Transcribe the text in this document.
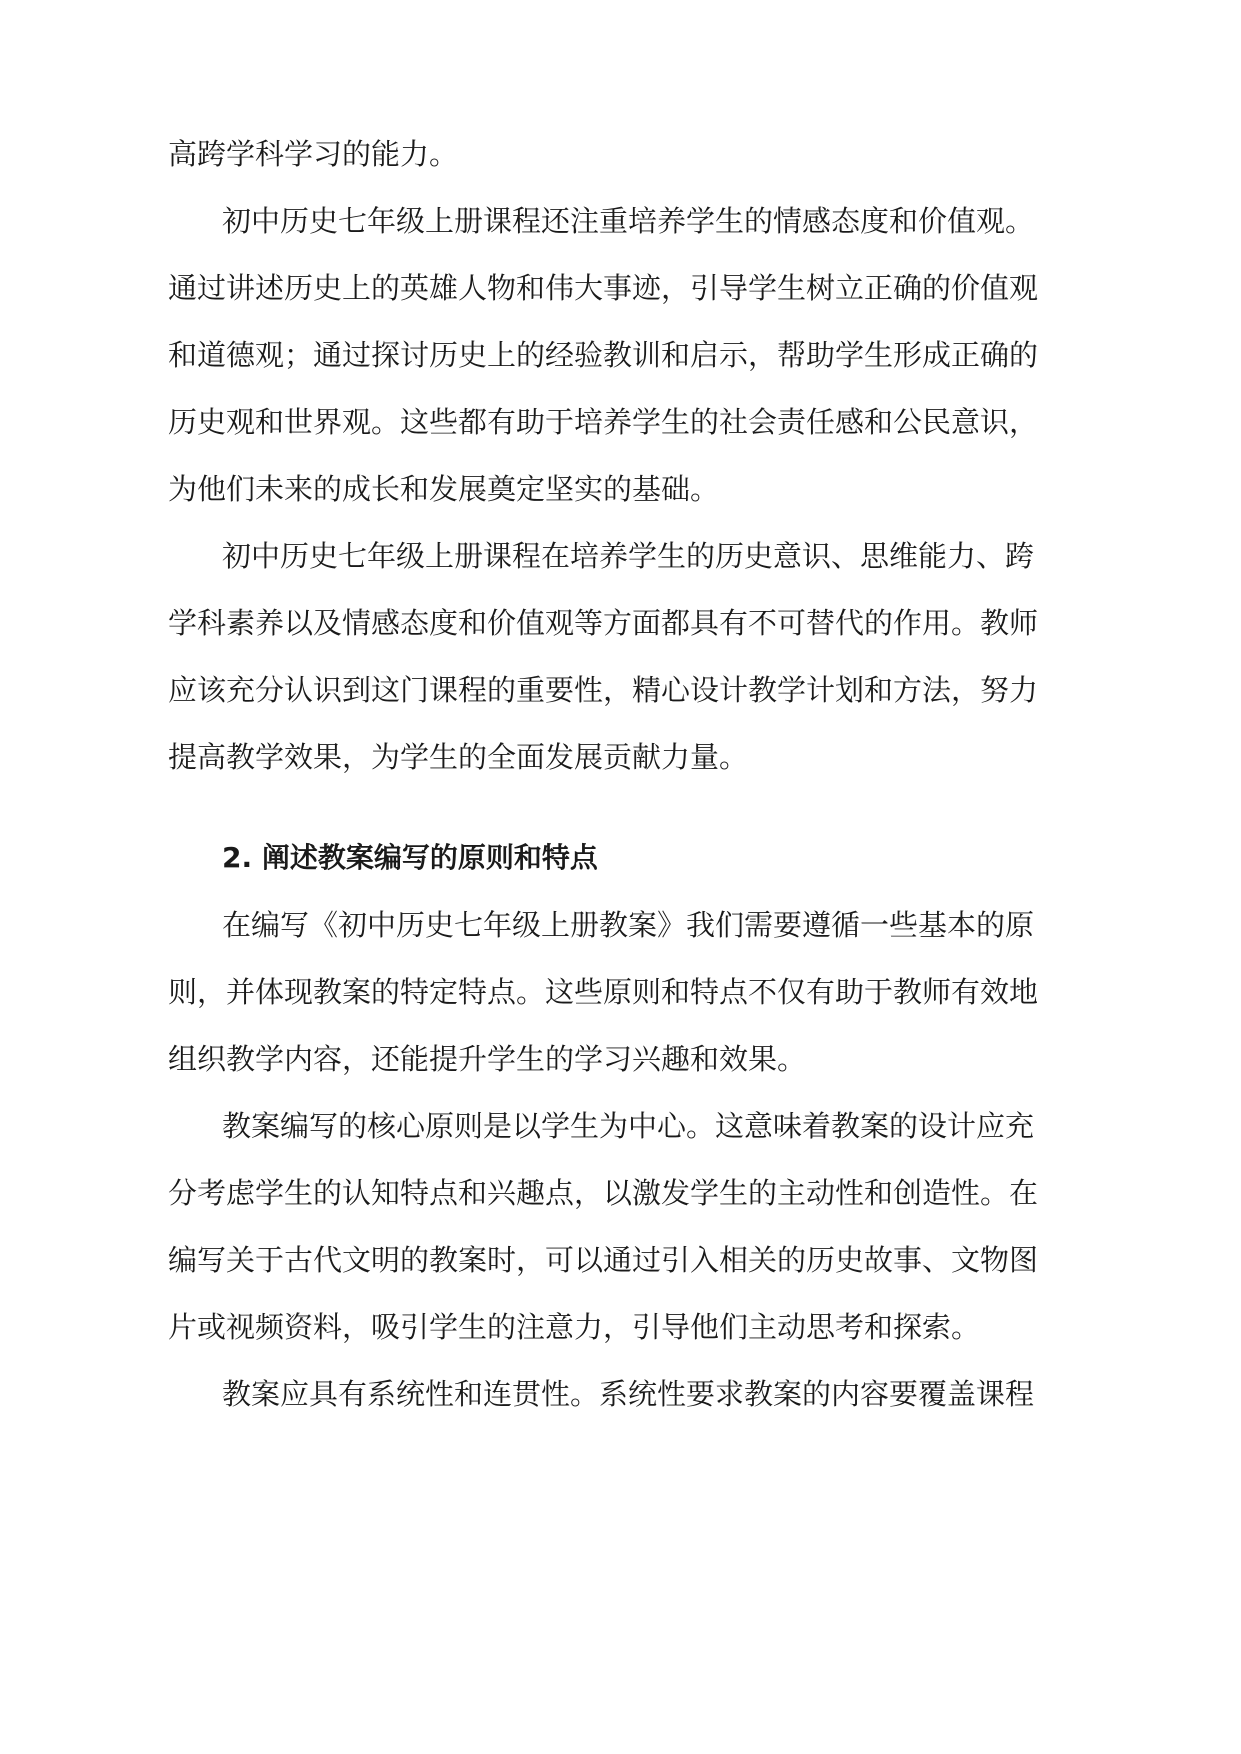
高跨学科学习的能力。
初中历史七年级上册课程还注重培养学生的情感态度和价值观。
通过讲述历史上的英雄人物和伟大事迹，引导学生树立正确的价值观
和道德观；通过探讨历史上的经验教训和启示，帮助学生形成正确的
历史观和世界观。这些都有助于培养学生的社会责任感和公民意识，
为他们未来的成长和发展奠定坚实的基础。
初中历史七年级上册课程在培养学生的历史意识、思维能力、跨
学科素养以及情感态度和价值观等方面都具有不可替代的作用。教师
应该充分认识到这门课程的重要性，精心设计教学计划和方法，努力
提高教学效果，为学生的全面发展贡献力量。
2. 阐述教案编写的原则和特点
在编写《初中历史七年级上册教案》我们需要遵循一些基本的原
则，并体现教案的特定特点。这些原则和特点不仅有助于教师有效地
组织教学内容，还能提升学生的学习兴趣和效果。
教案编写的核心原则是以学生为中心。这意味着教案的设计应充
分考虑学生的认知特点和兴趣点，以激发学生的主动性和创造性。在
编写关于古代文明的教案时，可以通过引入相关的历史故事、文物图
片或视频资料，吸引学生的注意力，引导他们主动思考和探索。
教案应具有系统性和连贯性。系统性要求教案的内容要覆盖课程
